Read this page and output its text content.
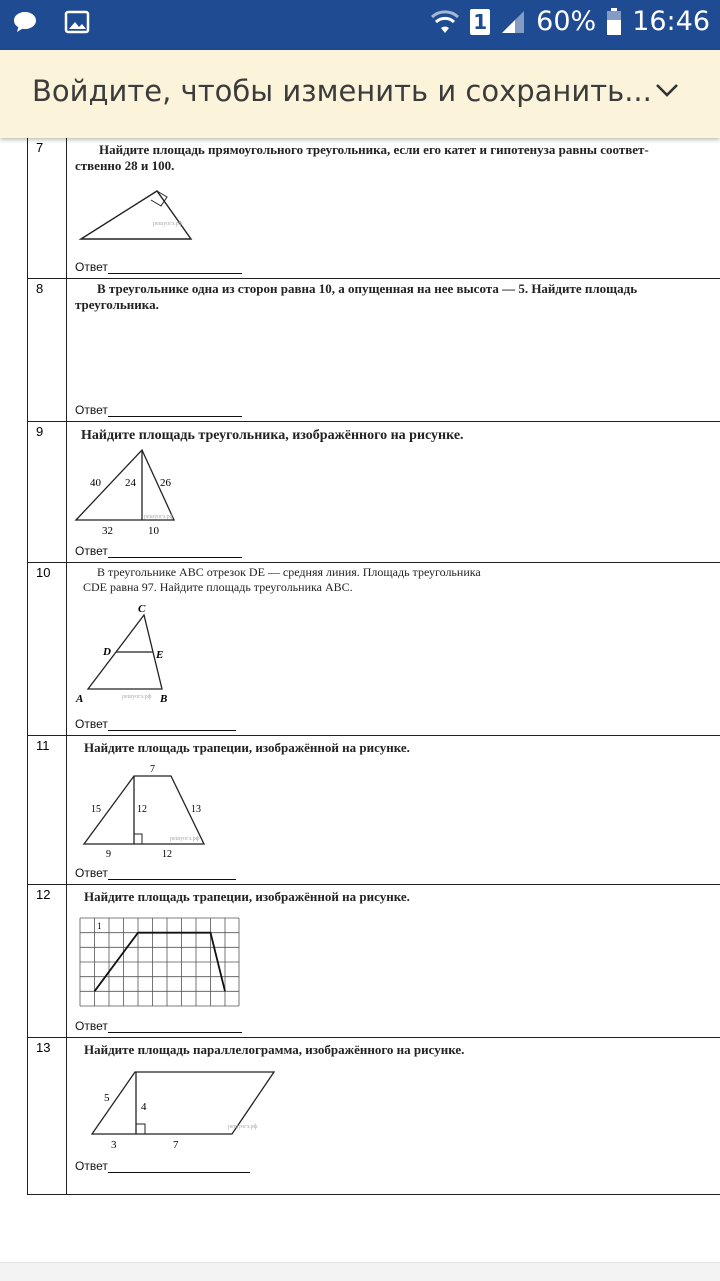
1 60% 16:46
Войдите, чтобы изменить и сохранить...
7	Найдите площадь прямоугольного треугольника, если его катет и гипотенуза равны соответ-
ственно 28 и 100.
решуогэ.рф
Ответ
8	В треугольнике одна из сторон равна 10, а опущенная на нее высота — 5. Найдите площадь
треугольника.
Ответ
9	Найдите площадь треугольника, изображённого на рисунке.
40 24 26
32	10
решуогэ.рф
Ответ
10	В треугольнике ABC отрезок DE — средняя линия. Площадь треугольника
CDE равна 97. Найдите площадь треугольника ABC.
C
D	E
A	B
решуогэ.рф
Ответ
11	Найдите площадь трапеции, изображённой на рисунке.
7
15	12	13
9	12
решуогэ.рф
Ответ
12	Найдите площадь трапеции, изображённой на рисунке.
1
Ответ
13	Найдите площадь параллелограмма, изображённого на рисунке.
5
4
3	7
решуогэ.рф
Ответ
